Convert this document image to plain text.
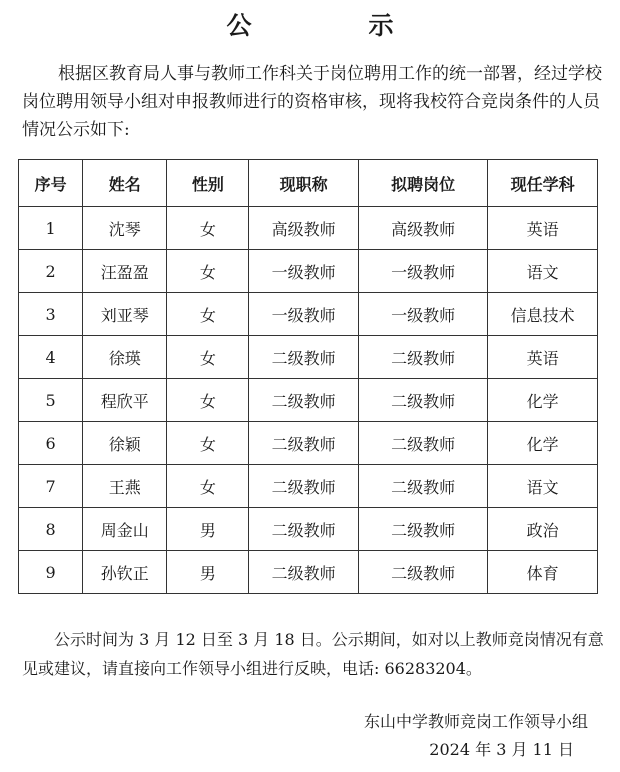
公　示

根据区教育局人事与教师工作科关于岗位聘用工作的统一部署，经过学校岗位聘用领导小组对申报教师进行的资格审核，现将我校符合竞岗条件的人员情况公示如下:

序号	姓名	性别	现职称	拟聘岗位	现任学科
1	沈琴	女	高级教师	高级教师	英语
2	汪盈盈	女	一级教师	一级教师	语文
3	刘亚琴	女	一级教师	一级教师	信息技术
4	徐瑛	女	二级教师	二级教师	英语
5	程欣平	女	二级教师	二级教师	化学
6	徐颖	女	二级教师	二级教师	化学
7	王燕	女	二级教师	二级教师	语文
8	周金山	男	二级教师	二级教师	政治
9	孙钦正	男	二级教师	二级教师	体育

公示时间为 3 月 12 日至 3 月 18 日。公示期间，如对以上教师竞岗情况有意见或建议，请直接向工作领导小组进行反映，电话: 66283204。

东山中学教师竞岗工作领导小组
2024 年 3 月 11 日
